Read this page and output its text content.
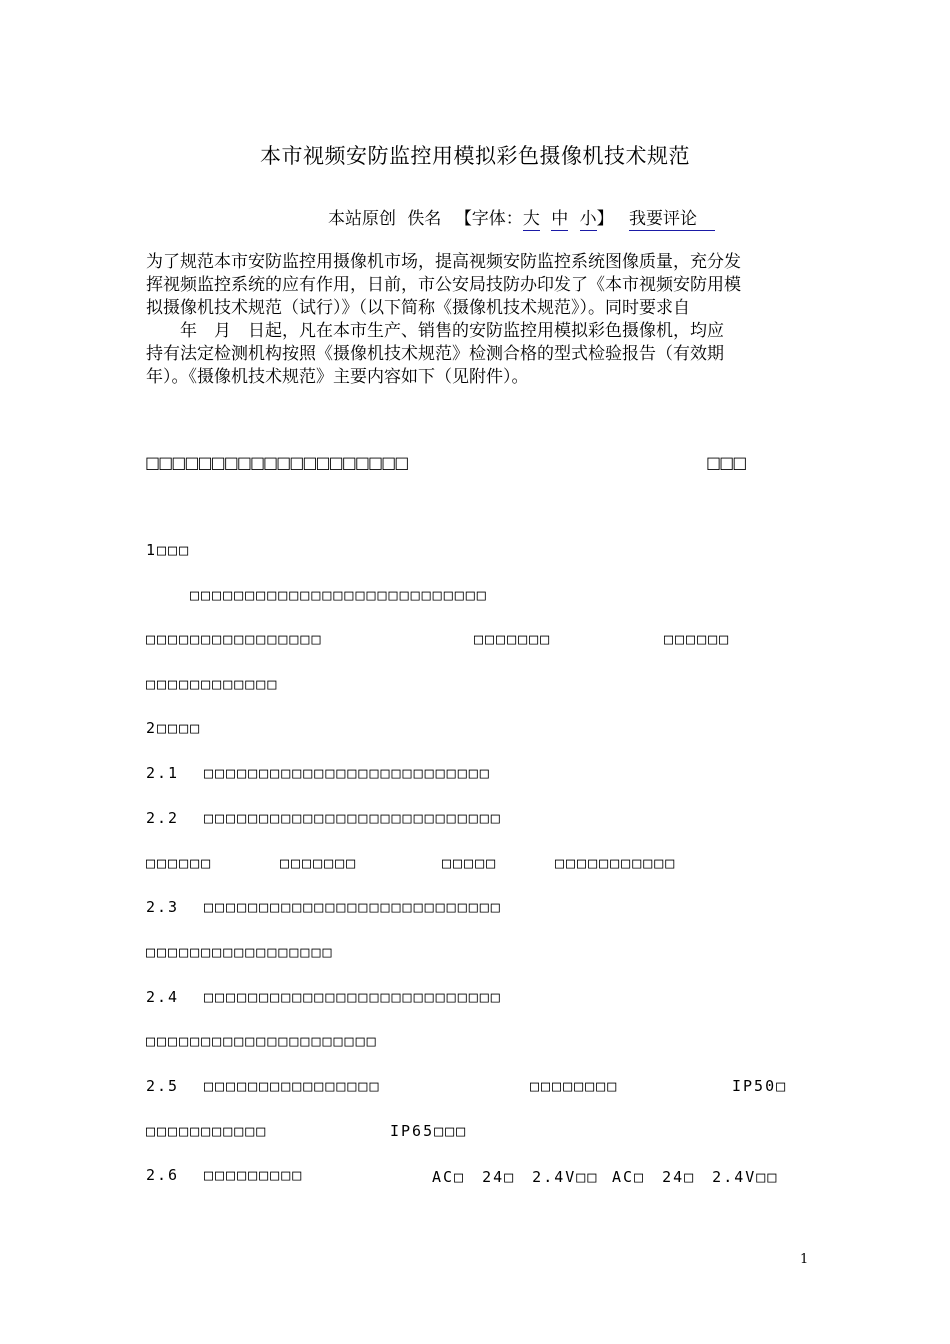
本市视频安防监控用模拟彩色摄像机技术规范
本站原创 佚名 【字体：大 中 小】 我要评论
为了规范本市安防监控用摄像机市场，提高视频安防监控系统图像质量，充分发
挥视频监控系统的应有作用，日前，市公安局技防办印发了《本市视频安防用模
拟摄像机技术规范（试行）》（以下简称《摄像机技术规范》）。同时要求自
　　年　月　日起，凡在本市生产、销售的安防监控用模拟彩色摄像机，均应
持有法定检测机构按照《摄像机技术规范》检测合格的型式检验报告（有效期
年）。《摄像机技术规范》主要内容如下（见附件）。
□□□□□□□□□□□□□□□□□□□□	□□□
1□□□
□□□□□□□□□□□□□□□□□□□□□□□□□□□
□□□□□□□□□□□□□□□□	□□□□□□□	□□□□□□
□□□□□□□□□□□□
2□□□□
2.1 □□□□□□□□□□□□□□□□□□□□□□□□□□
2.2 □□□□□□□□□□□□□□□□□□□□□□□□□□□
□□□□□□	□□□□□□□	□□□□□	□□□□□□□□□□□
2.3 □□□□□□□□□□□□□□□□□□□□□□□□□□□
□□□□□□□□□□□□□□□□□
2.4 □□□□□□□□□□□□□□□□□□□□□□□□□□□
□□□□□□□□□□□□□□□□□□□□□
2.5 □□□□□□□□□□□□□□□□	□□□□□□□□	IP50□
□□□□□□□□□□□	IP65□□□
2.6 □□□□□□□□□	AC□　24□　2.4V□□ AC□　24□　2.4V□□
1
